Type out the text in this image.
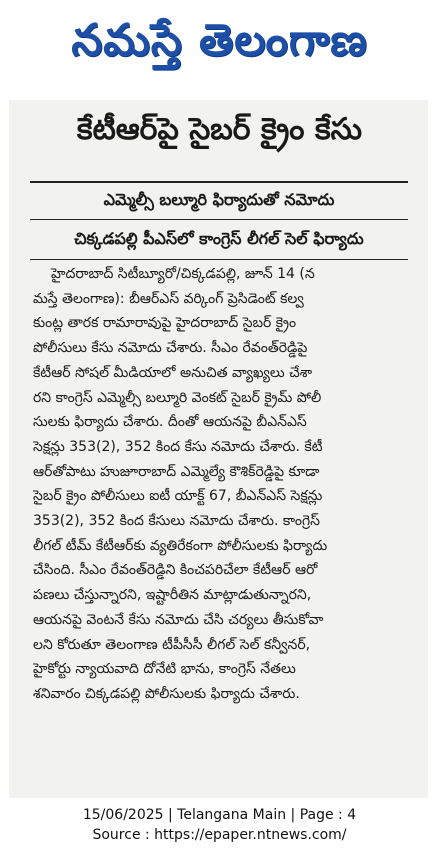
నమస్తే తెలంగాణ
కేటీఆర్‌పై సైబర్ క్రైం కేసు
ఎమ్మెల్సీ బల్మూరి ఫిర్యాదుతో నమోదు
చిక్కడపల్లి పీఎస్‌లో కాంగ్రెస్ లీగల్ సెల్ ఫిర్యాదు
హైదరాబాద్ సిటీబ్యూరో/చిక్కడపల్లి, జూన్ 14 (న
మస్తే తెలంగాణ): బీఆర్ఎస్ వర్కింగ్ ప్రెసిడెంట్ కల్వ
కుంట్ల తారక రామారావుపై హైదరాబాద్ సైబర్ క్రైం
పోలీసులు కేసు నమోదు చేశారు. సీఎం రేవంత్‌రెడ్డిపై
కేటీఆర్ సోషల్ మీడియాలో అనుచిత వ్యాఖ్యలు చేశా
రని కాంగ్రెస్ ఎమ్మెల్సీ బల్మూరి వెంకట్ సైబర్ క్రైమ్ పోలీ
సులకు ఫిర్యాదు చేశారు. దీంతో ఆయనపై బీఎన్ఎస్
సెక్షన్లు 353(2), 352 కింద కేసు నమోదు చేశారు. కేటీ
ఆర్‌తోపాటు హుజూరాబాద్ ఎమ్మెల్యే కౌశిక్‌రెడ్డిపై కూడా
సైబర్ క్రైం పోలీసులు ఐటీ యాక్ట్ 67, బీఎన్ఎస్ సెక్షన్లు
353(2), 352 కింద కేసులు నమోదు చేశారు. కాంగ్రెస్
లీగల్ టీమ్ కేటీఆర్‌కు వ్యతిరేకంగా పోలీసులకు ఫిర్యాదు
చేసింది. సీఎం రేవంత్‌రెడ్డిని కించపరిచేలా కేటీఆర్ ఆరో
పణలు చేస్తున్నారని, ఇష్టారీతిన మాట్లాడుతున్నారని,
ఆయనపై వెంటనే కేసు నమోదు చేసి చర్యలు తీసుకోవా
లని కోరుతూ తెలంగాణ టీపీసీసీ లీగల్ సెల్ కన్వీనర్,
హైకోర్టు న్యాయవాది దోనేటి భాను, కాంగ్రెస్ నేతలు
శనివారం చిక్కడపల్లి పోలీసులకు ఫిర్యాదు చేశారు.
15/06/2025 | Telangana Main | Page : 4
Source : https://epaper.ntnews.com/
